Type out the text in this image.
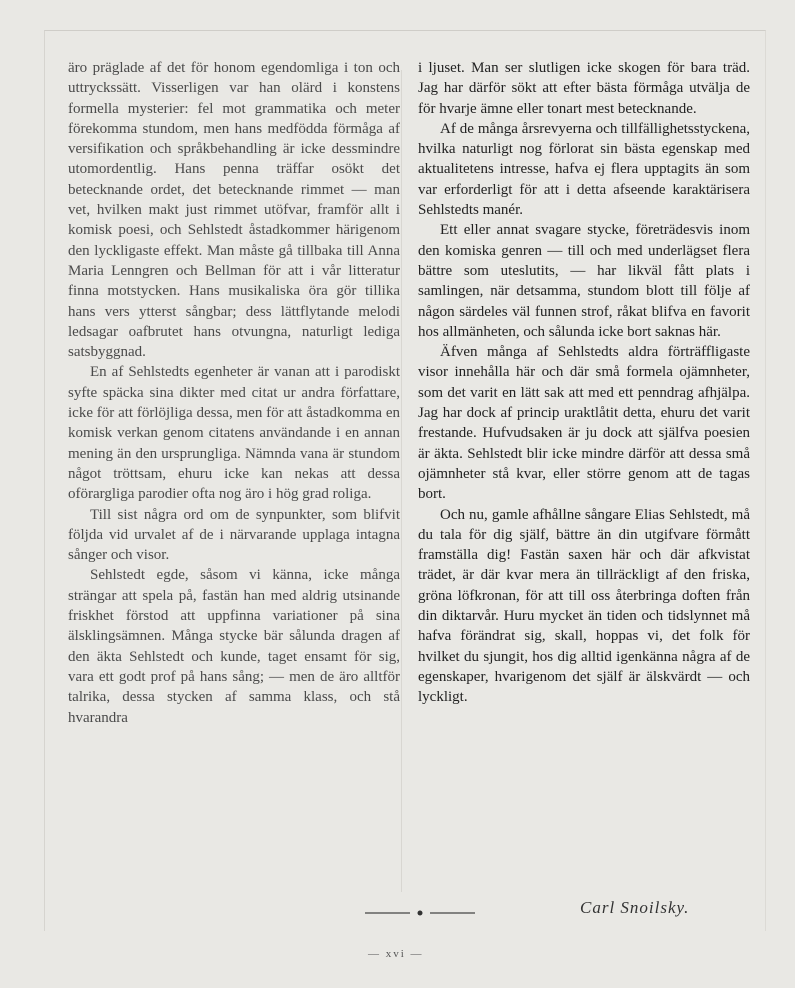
äro präglade af det för honom egendomliga i ton och uttryckssätt. Visserligen var han olärd i konstens formella mysterier: fel mot grammatika och meter förekomma stundom, men hans medfödda förmåga af versifikation och språkbehandling är icke dessmindre utomordentlig. Hans penna träffar osökt det betecknande ordet, det betecknande rimmet — man vet, hvilken makt just rimmet utöfvar, framför allt i komisk poesi, och Sehlstedt åstadkommer härigenom den lyckligaste effekt. Man måste gå tillbaka till Anna Maria Lenngren och Bellman för att i vår litteratur finna motstycken. Hans musikaliska öra gör tillika hans vers ytterst sångbar; dess lättflytande melodi ledsagar oafbrutet hans otvungna, naturligt lediga satsbyggnad.

En af Sehlstedts egenheter är vanan att i parodiskt syfte späcka sina dikter med citat ur andra författare, icke för att förlöjliga dessa, men för att åstadkomma en komisk verkan genom citatens användande i en annan mening än den ursprungliga. Nämnda vana är stundom något tröttsam, ehuru icke kan nekas att dessa oförargliga parodier ofta nog äro i hög grad roliga.

Till sist några ord om de synpunkter, som blifvit följda vid urvalet af de i närvarande upplaga intagna sånger och visor.

Sehlstedt egde, såsom vi känna, icke många strängar att spela på, fastän han med aldrig utsinande friskhet förstod att uppfinna variationer på sina älsklingsämnen. Många stycke bär sålunda dragen af den äkta Sehlstedt och kunde, taget ensamt för sig, vara ett godt prof på hans sång; — men de äro alltför talrika, dessa stycken af samma klass, och stå hvarandra

i ljuset. Man ser slutligen icke skogen för bara träd. Jag har därför sökt att efter bästa förmåga utvälja de för hvarje ämne eller tonart mest betecknande.

Af de många årsrevyerna och tillfällighetsstyckena, hvilka naturligt nog förlorat sin bästa egenskap med aktualitetens intresse, hafva ej flera upptagits än som var erforderligt för att i detta afseende karaktärisera Sehlstedts manér.

Ett eller annat svagare stycke, företrädesvis inom den komiska genren — till och med underlägset flera bättre som uteslutits, — har likväl fått plats i samlingen, när detsamma, stundom blott till följe af någon särdeles väl funnen strof, råkat blifva en favorit hos allmänheten, och sålunda icke bort saknas här.

Äfven många af Sehlstedts aldra förträffligaste visor innehålla här och där små formela ojämnheter, som det varit en lätt sak att med ett penndrag afhjälpa. Jag har dock af princip uraktlåtit detta, ehuru det varit frestande. Hufvudsaken är ju dock att själfva poesien är äkta. Sehlstedt blir icke mindre därför att dessa små ojämnheter stå kvar, eller större genom att de tagas bort.

Och nu, gamle afhållne sångare Elias Sehlstedt, må du tala för dig själf, bättre än din utgifvare förmått framställa dig! Fastän saxen här och där afkvistat trädet, är där kvar mera än tillräckligt af den friska, gröna löfkronan, för att till oss återbringa doften från din diktarvår. Huru mycket än tiden och tidslynnet må hafva förändrat sig, skall, hoppas vi, det folk för hvilket du sjungit, hos dig alltid igenkänna några af de egenskaper, hvarigenom det själf är älskvärdt — och lyckligt.

Carl Snoilsky.
— xvi —
